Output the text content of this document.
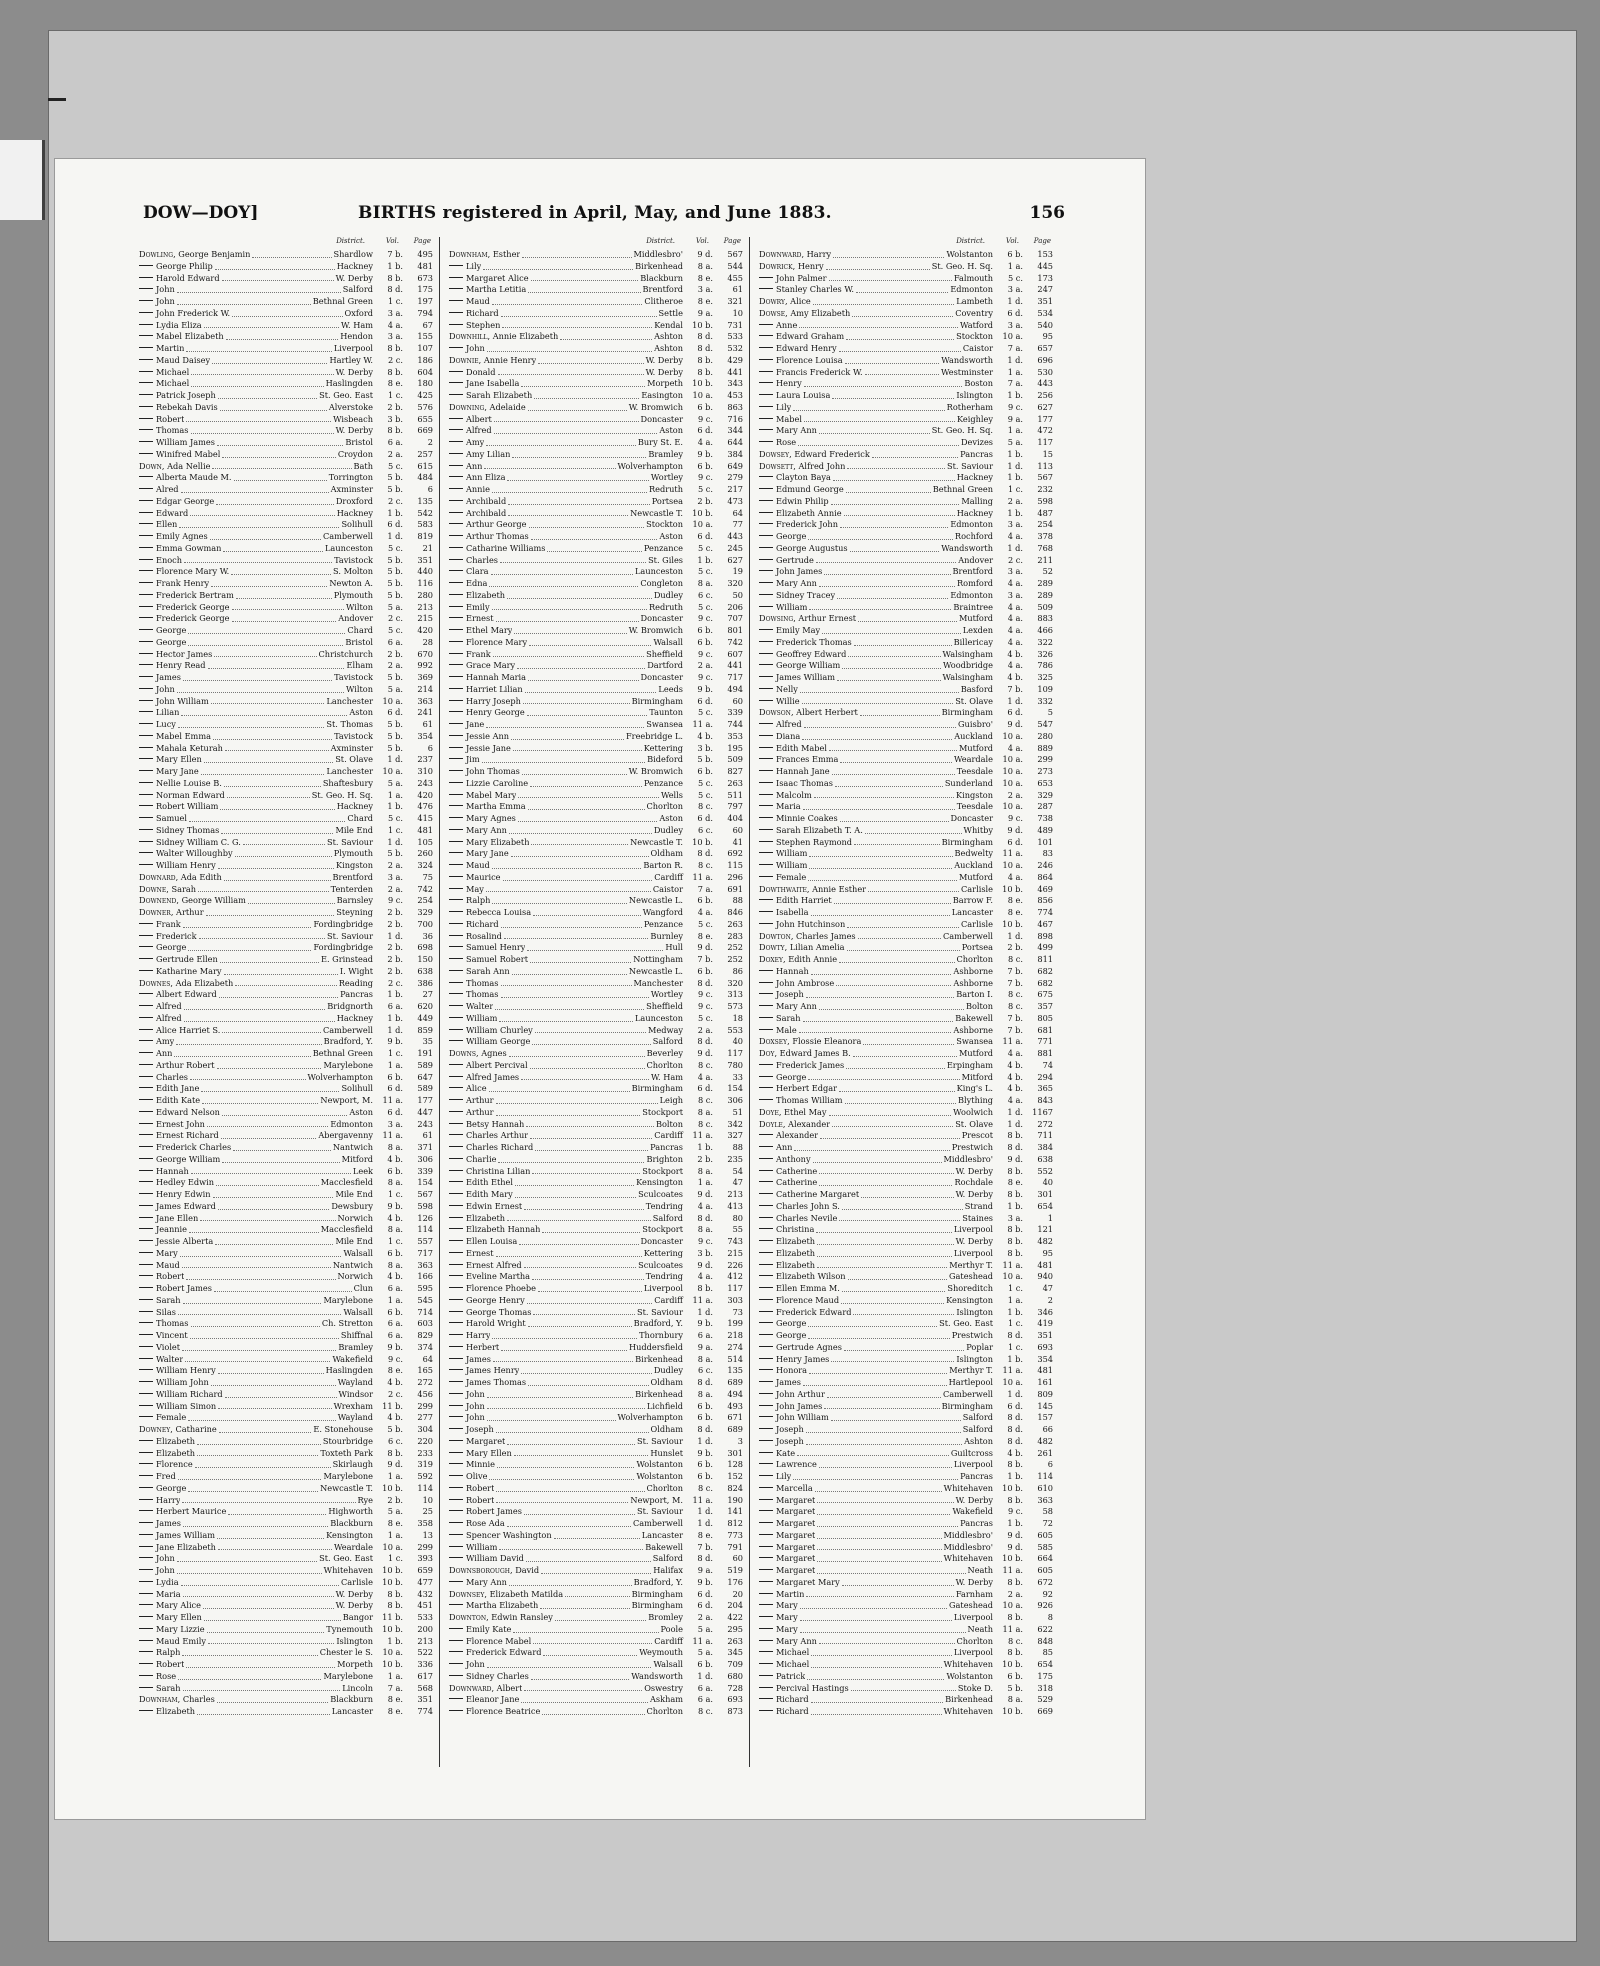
DOW—DOY]	BIRTHS registered in April, May, and June 1883.	156
District.	Vol. Page
Dowling, George Benjamin	Shardlow	7 b.	495
George Philip	Hackney	1 b.	481
Harold Edward	W. Derby	8 b.	673
John	Salford	8 d.	175
John	Bethnal Green	1 c.	197
John Frederick W.	Oxford	3 a.	794
Lydia Eliza	W. Ham	4 a.	67
Mabel Elizabeth	Hendon	3 a.	155
Martin	Liverpool	8 b.	107
Maud Daisey	Hartley W.	2 c.	186
Michael	W. Derby	8 b.	604
Michael	Haslingden	8 e.	180
Patrick Joseph	St. Geo. East	1 c.	425
Rebekah Davis	Alverstoke	2 b.	576
Robert	Wisbeach	3 b.	655
Thomas	W. Derby	8 b.	669
William James	Bristol	6 a.	2
Winifred Mabel	Croydon	2 a.	257
Down, Ada Nellie	Bath	5 c.	615
Alberta Maude M.	Torrington	5 b.	484
Alred	Axminster	5 b.	6
Edgar George	Droxford	2 c.	135
Edward	Hackney	1 b.	542
Ellen	Solihull	6 d.	583
Emily Agnes	Camberwell	1 d.	819
Emma Gowman	Launceston	5 c.	21
Enoch	Tavistock	5 b.	351
Florence Mary W.	S. Molton	5 b.	440
Frank Henry	Newton A.	5 b.	116
Frederick Bertram	Plymouth	5 b.	280
Frederick George	Wilton	5 a.	213
Frederick George	Andover	2 c.	215
George	Chard	5 c.	420
George	Bristol	6 a.	28
Hector James	Christchurch	2 b.	670
Henry Read	Elham	2 a.	992
James	Tavistock	5 b.	369
John	Wilton	5 a.	214
John William	Lanchester	10 a.	363
Lilian	Aston	6 d.	241
Lucy	St. Thomas	5 b.	61
Mabel Emma	Tavistock	5 b.	354
Mahala Keturah	Axminster	5 b.	6
Mary Ellen	St. Olave	1 d.	237
Mary Jane	Lanchester	10 a.	310
Nellie Louise B.	Shaftesbury	5 a.	243
Norman Edward	St. Geo. H. Sq.	1 a.	420
Robert William	Hackney	1 b.	476
Samuel	Chard	5 c.	415
Sidney Thomas	Mile End	1 c.	481
Sidney William C. G.	St. Saviour	1 d.	105
Walter Willoughby	Plymouth	5 b.	260
William Henry	Kingston	2 a.	324
Downard, Ada Edith	Brentford	3 a.	75
Downe, Sarah	Tenterden	2 a.	742
Downend, George William	Barnsley	9 c.	254
Downer, Arthur	Steyning	2 b.	329
Frank	Fordingbridge	2 b.	700
Frederick	St. Saviour	1 d.	36
George	Fordingbridge	2 b.	698
Gertrude Ellen	E. Grinstead	2 b.	150
Katharine Mary	I. Wight	2 b.	638
Downes, Ada Elizabeth	Reading	2 c.	386
Albert Edward	Pancras	1 b.	27
Alfred	Bridgnorth	6 a.	620
Alfred	Hackney	1 b.	449
Alice Harriet S.	Camberwell	1 d.	859
Amy	Bradford, Y.	9 b.	35
Ann	Bethnal Green	1 c.	191
Arthur Robert	Marylebone	1 a.	589
Charles	Wolverhampton	6 b.	647
Edith Jane	Solihull	6 d.	589
Edith Kate	Newport, M.	11 a.	177
Edward Nelson	Aston	6 d.	447
Ernest John	Edmonton	3 a.	243
Ernest Richard	Abergavenny	11 a.	61
Frederick Charles	Nantwich	8 a.	371
George William	Mitford	4 b.	306
Hannah	Leek	6 b.	339
Hedley Edwin	Macclesfield	8 a.	154
Henry Edwin	Mile End	1 c.	567
James Edward	Dewsbury	9 b.	598
Jane Ellen	Norwich	4 b.	126
Jeannie	Macclesfield	8 a.	114
Jessie Alberta	Mile End	1 c.	557
Mary	Walsall	6 b.	717
Maud	Nantwich	8 a.	363
Robert	Norwich	4 b.	166
Robert James	Clun	6 a.	595
Sarah	Marylebone	1 a.	545
Silas	Walsall	6 b.	714
Thomas	Ch. Stretton	6 a.	603
Vincent	Shiffnal	6 a.	829
Violet	Bramley	9 b.	374
Walter	Wakefield	9 c.	64
William Henry	Haslingden	8 e.	165
William John	Wayland	4 b.	272
William Richard	Windsor	2 c.	456
William Simon	Wrexham	11 b.	299
Female	Wayland	4 b.	277
Downey, Catharine	E. Stonehouse	5 b.	304
Elizabeth	Stourbridge	6 c.	220
Elizabeth	Toxteth Park	8 b.	233
Florence	Skirlaugh	9 d.	319
Fred	Marylebone	1 a.	592
George	Newcastle T.	10 b.	114
Harry	Rye	2 b.	10
Herbert Maurice	Highworth	5 a.	25
James	Blackburn	8 e.	358
James William	Kensington	1 a.	13
Jane Elizabeth	Weardale	10 a.	299
John	St. Geo. East	1 c.	393
John	Whitehaven	10 b.	659
Lydia	Carlisle	10 b.	477
Maria	W. Derby	8 b.	432
Mary Alice	W. Derby	8 b.	451
Mary Ellen	Bangor	11 b.	533
Mary Lizzie	Tynemouth	10 b.	200
Maud Emily	Islington	1 b.	213
Ralph	Chester le S.	10 a.	522
Robert	Morpeth	10 b.	336
Rose	Marylebone	1 a.	617
Sarah	Lincoln	7 a.	568
Downham, Charles	Blackburn	8 e.	351
Elizabeth	Lancaster	8 e.	774
District.	Vol. Page
Downham, Esther	Middlesbro'	9 d.	567
Lily	Birkenhead	8 a.	544
Margaret Alice	Blackburn	8 e.	455
Martha Letitia	Brentford	3 a.	61
Maud	Clitheroe	8 e.	321
Richard	Settle	9 a.	10
Stephen	Kendal	10 b.	731
Downhill, Annie Elizabeth	Ashton	8 d.	533
John	Ashton	8 d.	532
Downie, Annie Henry	W. Derby	8 b.	429
Donald	W. Derby	8 b.	441
Jane Isabella	Morpeth	10 b.	343
Sarah Elizabeth	Easington	10 a.	453
Downing, Adelaide	W. Bromwich	6 b.	863
Albert	Doncaster	9 c.	716
Alfred	Aston	6 d.	344
Amy	Bury St. E.	4 a.	644
Amy Lilian	Bramley	9 b.	384
Ann	Wolverhampton	6 b.	649
Ann Eliza	Wortley	9 c.	279
Annie	Redruth	5 c.	217
Archibald	Portsea	2 b.	473
Archibald	Newcastle T.	10 b.	64
Arthur George	Stockton	10 a.	77
Arthur Thomas	Aston	6 d.	443
Catharine Williams	Penzance	5 c.	245
Charles	St. Giles	1 b.	627
Clara	Launceston	5 c.	19
Edna	Congleton	8 a.	320
Elizabeth	Dudley	6 c.	50
Emily	Redruth	5 c.	206
Ernest	Doncaster	9 c.	707
Ethel Mary	W. Bromwich	6 b.	801
Florence Mary	Walsall	6 b.	742
Frank	Sheffield	9 c.	607
Grace Mary	Dartford	2 a.	441
Hannah Maria	Doncaster	9 c.	717
Harriet Lilian	Leeds	9 b.	494
Harry Joseph	Birmingham	6 d.	60
Henry George	Taunton	5 c.	339
Jane	Swansea	11 a.	744
Jessie Ann	Freebridge L.	4 b.	353
Jessie Jane	Kettering	3 b.	195
Jim	Bideford	5 b.	509
John Thomas	W. Bromwich	6 b.	827
Lizzie Caroline	Penzance	5 c.	263
Mabel Mary	Wells	5 c.	511
Martha Emma	Chorlton	8 c.	797
Mary Agnes	Aston	6 d.	404
Mary Ann	Dudley	6 c.	60
Mary Elizabeth	Newcastle T.	10 b.	41
Mary Jane	Oldham	8 d.	692
Maud	Barton R.	8 c.	115
Maurice	Cardiff	11 a.	296
May	Caistor	7 a.	691
Ralph	Newcastle L.	6 b.	88
Rebecca Louisa	Wangford	4 a.	846
Richard	Penzance	5 c.	263
Rosalind	Burnley	8 e.	283
Samuel Henry	Hull	9 d.	252
Samuel Robert	Nottingham	7 b.	252
Sarah Ann	Newcastle L.	6 b.	86
Thomas	Manchester	8 d.	320
Thomas	Wortley	9 c.	313
Walter	Sheffield	9 c.	573
William	Launceston	5 c.	18
William Churley	Medway	2 a.	553
William George	Salford	8 d.	40
Downs, Agnes	Beverley	9 d.	117
Albert Percival	Chorlton	8 c.	780
Alfred James	W. Ham	4 a.	33
Alice	Birmingham	6 d.	154
Arthur	Leigh	8 c.	306
Arthur	Stockport	8 a.	51
Betsy Hannah	Bolton	8 c.	342
Charles Arthur	Cardiff	11 a.	327
Charles Richard	Pancras	1 b.	88
Charlie	Brighton	2 b.	235
Christina Lilian	Stockport	8 a.	54
Edith Ethel	Kensington	1 a.	47
Edith Mary	Sculcoates	9 d.	213
Edwin Ernest	Tendring	4 a.	413
Elizabeth	Salford	8 d.	80
Elizabeth Hannah	Stockport	8 a.	55
Ellen Louisa	Doncaster	9 c.	743
Ernest	Kettering	3 b.	215
Ernest Alfred	Sculcoates	9 d.	226
Eveline Martha	Tendring	4 a.	412
Florence Phoebe	Liverpool	8 b.	117
George Henry	Cardiff	11 a.	303
George Thomas	St. Saviour	1 d.	73
Harold Wright	Bradford, Y.	9 b.	199
Harry	Thornbury	6 a.	218
Herbert	Huddersfield	9 a.	274
James	Birkenhead	8 a.	514
James Henry	Dudley	6 c.	135
James Thomas	Oldham	8 d.	689
John	Birkenhead	8 a.	494
John	Lichfield	6 b.	493
John	Wolverhampton	6 b.	671
Joseph	Oldham	8 d.	689
Margaret	St. Saviour	1 d.	3
Mary Ellen	Hunslet	9 b.	301
Minnie	Wolstanton	6 b.	128
Olive	Wolstanton	6 b.	152
Robert	Chorlton	8 c.	824
Robert	Newport, M.	11 a.	190
Robert James	St. Saviour	1 d.	141
Rose Ada	Camberwell	1 d.	812
Spencer Washington	Lancaster	8 e.	773
William	Bakewell	7 b.	791
William David	Salford	8 d.	60
Downsborough, David	Halifax	9 a.	519
Mary Ann	Bradford, Y.	9 b.	176
Downsey, Elizabeth Matilda	Birmingham	6 d.	20
Martha Elizabeth	Birmingham	6 d.	204
Downton, Edwin Ransley	Bromley	2 a.	422
Emily Kate	Poole	5 a.	295
Florence Mabel	Cardiff	11 a.	263
Frederick Edward	Weymouth	5 a.	345
John	Walsall	6 b.	709
Sidney Charles	Wandsworth	1 d.	680
Downward, Albert	Oswestry	6 a.	728
Eleanor Jane	Askham	6 a.	693
Florence Beatrice	Chorlton	8 c.	873
District.	Vol. Page
Downward, Harry	Wolstanton	6 b.	153
Dowrick, Henry	St. Geo. H. Sq.	1 a.	445
John Palmer	Falmouth	5 c.	173
Stanley Charles W.	Edmonton	3 a.	247
Dowry, Alice	Lambeth	1 d.	351
Dowse, Amy Elizabeth	Coventry	6 d.	534
Anne	Watford	3 a.	540
Edward Graham	Stockton	10 a.	95
Edward Henry	Caistor	7 a.	657
Florence Louisa	Wandsworth	1 d.	696
Francis Frederick W.	Westminster	1 a.	530
Henry	Boston	7 a.	443
Laura Louisa	Islington	1 b.	256
Lily	Rotherham	9 c.	627
Mabel	Keighley	9 a.	177
Mary Ann	St. Geo. H. Sq.	1 a.	472
Rose	Devizes	5 a.	117
Dowsey, Edward Frederick	Pancras	1 b.	15
Dowsett, Alfred John	St. Saviour	1 d.	113
Clayton Baya	Hackney	1 b.	567
Edmund George	Bethnal Green	1 c.	232
Edwin Philip	Malling	2 a.	598
Elizabeth Annie	Hackney	1 b.	487
Frederick John	Edmonton	3 a.	254
George	Rochford	4 a.	378
George Augustus	Wandsworth	1 d.	768
Gertrude	Andover	2 c.	211
John James	Brentford	3 a.	52
Mary Ann	Romford	4 a.	289
Sidney Tracey	Edmonton	3 a.	289
William	Braintree	4 a.	509
Dowsing, Arthur Ernest	Mutford	4 a.	883
Emily May	Lexden	4 a.	466
Frederick Thomas	Billericay	4 a.	322
Geoffrey Edward	Walsingham	4 b.	326
George William	Woodbridge	4 a.	786
James William	Walsingham	4 b.	325
Nelly	Basford	7 b.	109
Willie	St. Olave	1 d.	332
Dowson, Albert Herbert	Birmingham	6 d.	5
Alfred	Guisbro'	9 d.	547
Diana	Auckland	10 a.	280
Edith Mabel	Mutford	4 a.	889
Frances Emma	Weardale	10 a.	299
Hannah Jane	Teesdale	10 a.	273
Isaac Thomas	Sunderland	10 a.	653
Malcolm	Kingston	2 a.	329
Maria	Teesdale	10 a.	287
Minnie Coakes	Doncaster	9 c.	738
Sarah Elizabeth T. A.	Whitby	9 d.	489
Stephen Raymond	Birmingham	6 d.	101
William	Bedwelty	11 a.	83
William	Auckland	10 a.	246
Female	Mutford	4 a.	864
Dowthwaite, Annie Esther	Carlisle	10 b.	469
Edith Harriet	Barrow F.	8 e.	856
Isabella	Lancaster	8 e.	774
John Hutchinson	Carlisle	10 b.	467
Dowton, Charles James	Camberwell	1 d.	898
Dowty, Lilian Amelia	Portsea	2 b.	499
Doxey, Edith Annie	Chorlton	8 c.	811
Hannah	Ashborne	7 b.	682
John Ambrose	Ashborne	7 b.	682
Joseph	Barton I.	8 c.	675
Mary Ann	Bolton	8 c.	357
Sarah	Bakewell	7 b.	805
Male	Ashborne	7 b.	681
Doxsey, Flossie Eleanora	Swansea	11 a.	771
Doy, Edward James B.	Mutford	4 a.	881
Frederick James	Erpingham	4 b.	74
George	Mitford	4 b.	294
Herbert Edgar	King's L.	4 b.	365
Thomas William	Blything	4 a.	843
Doye, Ethel May	Woolwich	1 d.	1167
Doyle, Alexander	St. Olave	1 d.	272
Alexander	Prescot	8 b.	711
Ann	Prestwich	8 d.	384
Anthony	Middlesbro'	9 d.	638
Catherine	W. Derby	8 b.	552
Catherine	Rochdale	8 e.	40
Catherine Margaret	W. Derby	8 b.	301
Charles John S.	Strand	1 b.	654
Charles Nevile	Staines	3 a.	1
Christina	Liverpool	8 b.	121
Elizabeth	W. Derby	8 b.	482
Elizabeth	Liverpool	8 b.	95
Elizabeth	Merthyr T.	11 a.	481
Elizabeth Wilson	Gateshead	10 a.	940
Ellen Emma M.	Shoreditch	1 c.	47
Florence Maud	Kensington	1 a.	2
Frederick Edward	Islington	1 b.	346
George	St. Geo. East	1 c.	419
George	Prestwich	8 d.	351
Gertrude Agnes	Poplar	1 c.	693
Henry James	Islington	1 b.	354
Honora	Merthyr T.	11 a.	481
James	Hartlepool	10 a.	161
John Arthur	Camberwell	1 d.	809
John James	Birmingham	6 d.	145
John William	Salford	8 d.	157
Joseph	Salford	8 d.	66
Joseph	Ashton	8 d.	482
Kate	Guiltcross	4 b.	261
Lawrence	Liverpool	8 b.	6
Lily	Pancras	1 b.	114
Marcella	Whitehaven	10 b.	610
Margaret	W. Derby	8 b.	363
Margaret	Wakefield	9 c.	58
Margaret	Pancras	1 b.	72
Margaret	Middlesbro'	9 d.	605
Margaret	Middlesbro'	9 d.	585
Margaret	Whitehaven	10 b.	664
Margaret	Neath	11 a.	605
Margaret Mary	W. Derby	8 b.	672
Martin	Farnham	2 a.	92
Mary	Gateshead	10 a.	926
Mary	Liverpool	8 b.	8
Mary	Neath	11 a.	622
Mary Ann	Chorlton	8 c.	848
Michael	Liverpool	8 b.	85
Michael	Whitehaven	10 b.	654
Patrick	Wolstanton	6 b.	175
Percival Hastings	Stoke D.	5 b.	318
Richard	Birkenhead	8 a.	529
Richard	Whitehaven	10 b.	669
